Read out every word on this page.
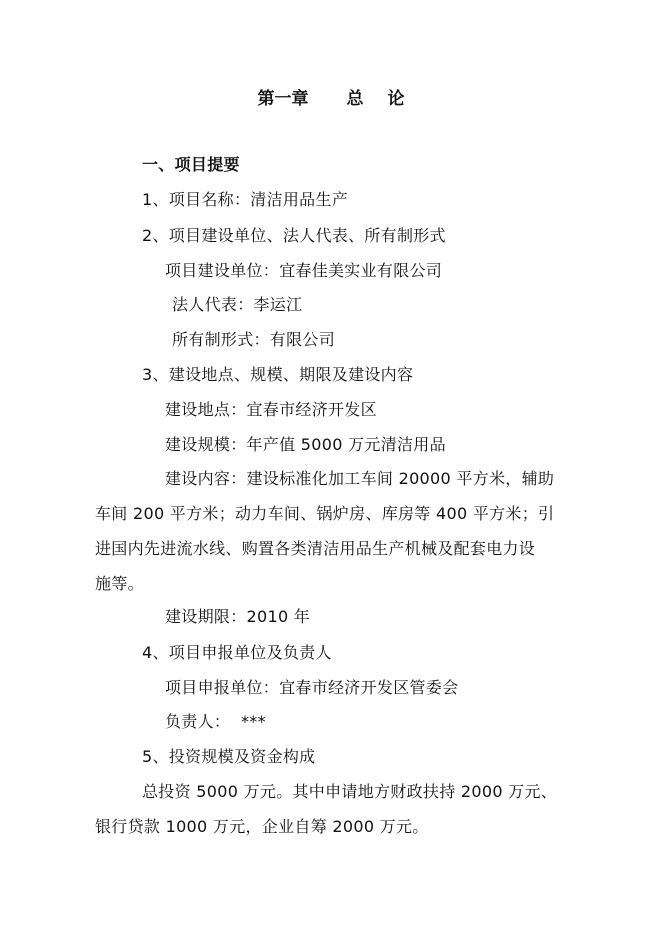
第一章 总 论
一、项目提要
1、项目名称：清洁用品生产
2、项目建设单位、法人代表、所有制形式
项目建设单位：宜春佳美实业有限公司
法人代表：李运江
所有制形式：有限公司
3、建设地点、规模、期限及建设内容
建设地点：宜春市经济开发区
建设规模：年产值 5000 万元清洁用品
建设内容：建设标准化加工车间 20000 平方米，辅助
车间 200 平方米；动力车间、锅炉房、库房等 400 平方米；引
进国内先进流水线、购置各类清洁用品生产机械及配套电力设
施等。
建设期限：2010 年
4、项目申报单位及负责人
项目申报单位：宜春市经济开发区管委会
负责人：  ***
5、投资规模及资金构成
总投资 5000 万元。其中申请地方财政扶持 2000 万元、
银行贷款 1000 万元，企业自筹 2000 万元。
